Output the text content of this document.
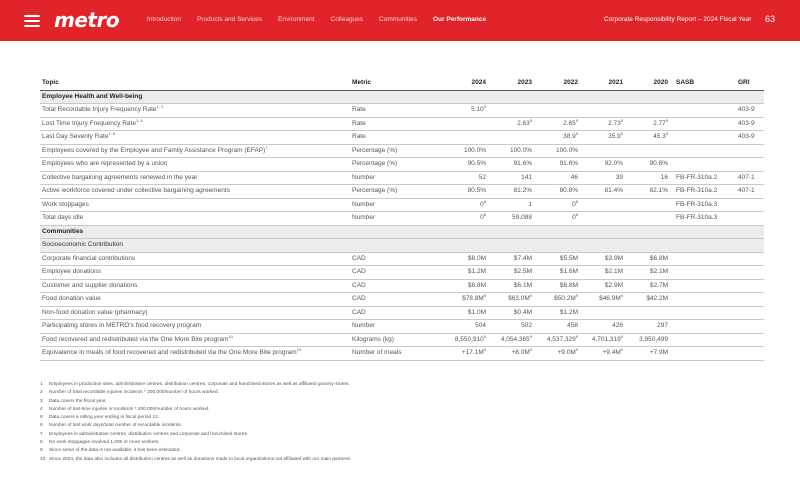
metro	Introduction Products and Services Environment Colleagues Communities Our Performance	Corporate Responsibility Report – 2024 Fiscal Year 63
Topic	Metric	2024	2023	2022	2021	2020	SASB	GRI
Employee Health and Well-being								
Total Recordable Injury Frequency Rate$^{1, 2}$	Rate	5.10$^3$						403-9
Lost Time Injury Frequency Rate$^{1, 4}$	Rate		2.63$^5$	2.65$^5$	2.73$^5$	2.77$^5$		403-9
Last Day Severity Rate$^{1, 6}$	Rate			38.9$^5$	35.9$^5$	45.3$^5$		403-9
Employees covered by the Employee and Family Assistance Program (EFAP)$^7$	Percentage (%)	100.0%	100.0%	100.0%				
Employees who are represented by a union	Percentage (%)	90.5%	91.6%	91.6%	92.0%	90.8%		
Collective bargaining agreements renewed in the year	Number	52	141	46	39	16	FB-FR-310a.2	407-1
Active workforce covered under collective bargaining agreements	Percentage (%)	80.5%	81.2%	80.8%	81.4%	82.1%	FB-FR-310a.2	407-1
Work stoppages	Number	$0^8$	1	$0^8$			FB-FR-310a.3	
Total days idle	Number	$0^8$	59,088	$0^8$			FB-FR-310a.3	
Communities								
Socioeconomic Contribution								
Corporate financial contributions	CAD	$8.0M	$7.4M	$5.5M	$3.9M	$6.8M		
Employee donations	CAD	$1.2M	$2.5M	$1.6M	$2.1M	$2.1M		
Customer and supplier donations	CAD	$6.8M	$6.1M	$6.8M	$2.9M	$2.7M		
Food donation value	CAD	$\$78.8M^9$	$\$63.0M^9$	$\$50.2M^9$	$\$46.9M^9$	$42.2M		
Non-food donation value (pharmacy)	CAD	$1.0M	$0.4M	$1.2M				
Participating stores in METRO's food recovery program	Number	504	502	458	426	297		
Food recovered and redistributed via the One More Bite program$^{10}$	Kilograms (kg)	8,550,910$^9$	4,054,365$^9$	4,537,329$^9$	4,701,319$^9$	3,950,499		
Equivalence in meals of food recovered and redistributed via the One More Bite program$^{10}$	Number of meals	$+17.1M^9$	$+8.0M^9$	$+9.0M^9$	$+9.4M^9$	+7.9M		
1 Employees in production sites, administrative centres, distribution centres, corporate and franchised stores as well as affiliated grocery stores.
2 Number of total recordable injuries incidents * 200,000/number of hours worked.
3 Data covers the fiscal year.
4 Number of lost-time injuries or incidents * 200,000/number of hours worked.
5 Data covers a rolling year ending in fiscal period 12.
6 Number of lost work days/total number of recordable incidents.
7 Employees in administrative centres, distribution centres and corporate and franchised stores.
8 No work stoppages involved 1,000 or more workers.
9 Since some of the data is not available, it has been estimated.
10 Since 2024, the data also includes all distribution centres as well as donations made to local organizations not affiliated with our main partners.
